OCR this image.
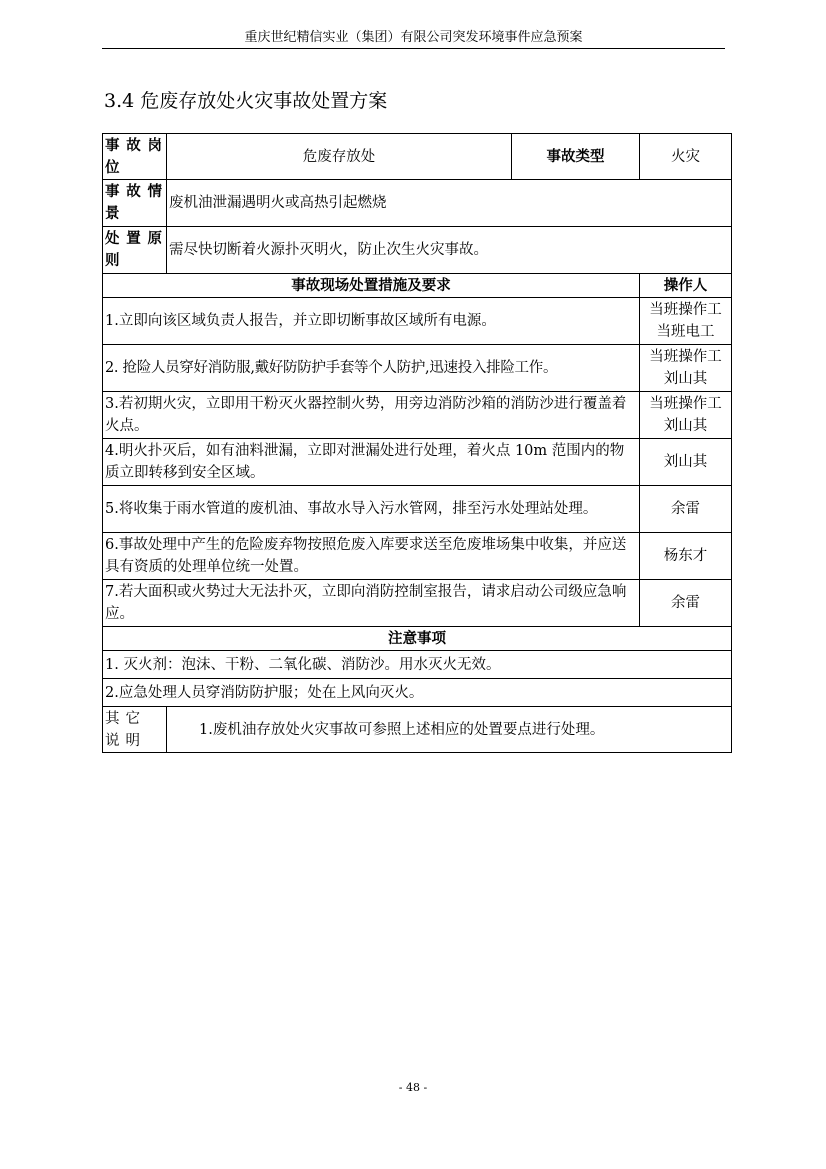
重庆世纪精信实业（集团）有限公司突发环境事件应急预案
3.4 危废存放处火灾事故处置方案
事故岗位	危废存放处	事故类型	火灾
事故情景	废机油泄漏遇明火或高热引起燃烧		
处置原则	需尽快切断着火源扑灭明火，防止次生火灾事故。		
事故现场处置措施及要求			操作人
1.立即向该区域负责人报告，并立即切断事故区域所有电源。			当班操作工
当班电工
2. 抢险人员穿好消防服,戴好防防护手套等个人防护,迅速投入排险工作。			当班操作工
刘山其
3.若初期火灾，立即用干粉灭火器控制火势，用旁边消防沙箱的消防沙进行覆盖着火点。			当班操作工
刘山其
4.明火扑灭后，如有油料泄漏，立即对泄漏处进行处理，着火点 10m 范围内的物质立即转移到安全区域。			刘山其
5.将收集于雨水管道的废机油、事故水导入污水管网，排至污水处理站处理。			余雷
6.事故处理中产生的危险废弃物按照危废入库要求送至危废堆场集中收集，并应送具有资质的处理单位统一处置。			杨东才
7.若大面积或火势过大无法扑灭，立即向消防控制室报告，请求启动公司级应急响应。			余雷
注意事项			
1. 灭火剂：泡沫、干粉、二氧化碳、消防沙。用水灭火无效。			
2.应急处理人员穿消防防护服；处在上风向灭火。			
其它说明	1.废机油存放处火灾事故可参照上述相应的处置要点进行处理。		
- 48 -
